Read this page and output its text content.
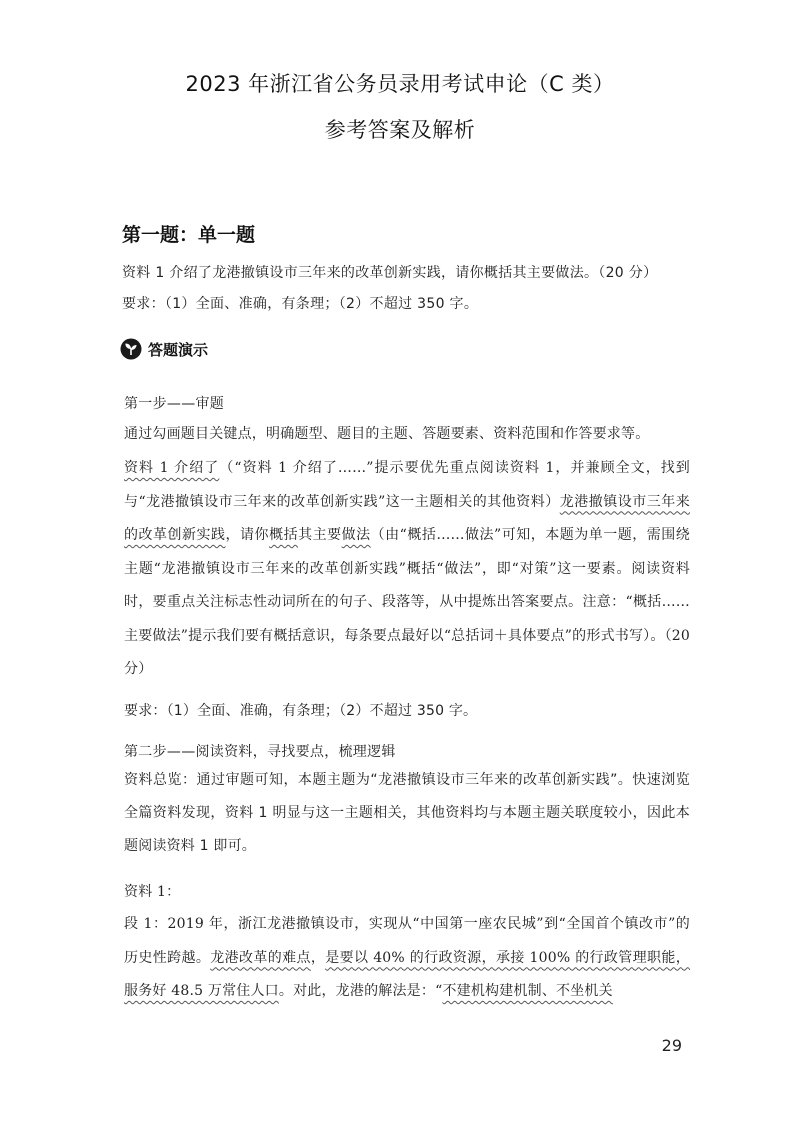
2023 年浙江省公务员录用考试申论（C 类）
参考答案及解析
第一题：单一题
资料 1 介绍了龙港撤镇设市三年来的改革创新实践，请你概括其主要做法。（20 分）
要求：（1）全面、准确，有条理；（2）不超过 350 字。
答题演示
第一步——审题
通过勾画题目关键点，明确题型、题目的主题、答题要素、资料范围和作答要求等。
资料 1 介绍了（“资料 1 介绍了……”提示要优先重点阅读资料 1，并兼顾全文，找到与“龙港撤镇设市三年来的改革创新实践”这一主题相关的其他资料）龙港撤镇设市三年来的改革创新实践，请你概括其主要做法（由“概括……做法”可知，本题为单一题，需围绕主题“龙港撤镇设市三年来的改革创新实践”概括“做法”，即“对策”这一要素。阅读资料时，要重点关注标志性动词所在的句子、段落等，从中提炼出答案要点。注意：“概括……主要做法”提示我们要有概括意识，每条要点最好以“总括词＋具体要点”的形式书写）。（20 分）
要求：（1）全面、准确，有条理；（2）不超过 350 字。
第二步——阅读资料，寻找要点，梳理逻辑
资料总览：通过审题可知，本题主题为“龙港撤镇设市三年来的改革创新实践”。快速浏览全篇资料发现，资料 1 明显与这一主题相关，其他资料均与本题主题关联度较小，因此本题阅读资料 1 即可。
资料 1：
段 1：2019 年，浙江龙港撤镇设市，实现从“中国第一座农民城”到“全国首个镇改市”的历史性跨越。龙港改革的难点，是要以 40% 的行政资源，承接 100% 的行政管理职能，服务好 48.5 万常住人口。对此，龙港的解法是：“不建机构建机制、不坐机关
29
